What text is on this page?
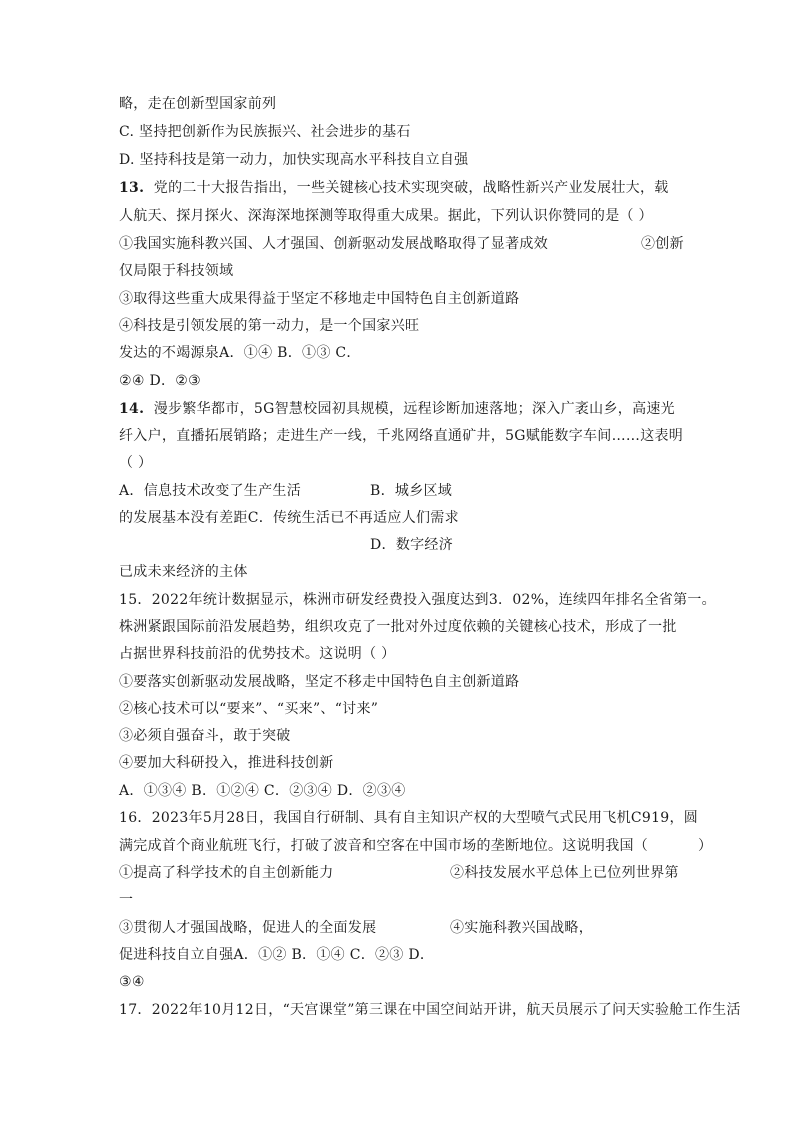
略，走在创新型国家前列
C. 坚持把创新作为民族振兴、社会进步的基石
D. 坚持科技是第一动力，加快实现高水平科技自立自强
13. 党的二十大报告指出，一些关键核心技术实现突破，战略性新兴产业发展壮大，载
人航天、探月探火、深海深地探测等取得重大成果。据此，下列认识你赞同的是（ ）
①我国实施科教兴国、人才强国、创新驱动发展战略取得了显著成效	②创新
仅局限于科技领域
③取得这些重大成果得益于坚定不移地走中国特色自主创新道路
④科技是引领发展的第一动力，是一个国家兴旺
发达的不竭源泉A．①④ B．①③ C．
②④ D．②③
14. 漫步繁华都市，5G智慧校园初具规模，远程诊断加速落地；深入广袤山乡，高速光
纤入户，直播拓展销路；走进生产一线，千兆网络直通矿井，5G赋能数字车间……这表明
（ ）
A．信息技术改变了生产生活	B．城乡区域
的发展基本没有差距C．传统生活已不再适应人们需求
D．数字经济
已成未来经济的主体
15．2022年统计数据显示，株洲市研发经费投入强度达到3．02%，连续四年排名全省第一。
株洲紧跟国际前沿发展趋势，组织攻克了一批对外过度依赖的关键核心技术，形成了一批
占据世界科技前沿的优势技术。这说明（ ）
①要落实创新驱动发展战略，坚定不移走中国特色自主创新道路
②核心技术可以“要来”、“买来”、“讨来”
③必须自强奋斗，敢于突破
④要加大科研投入，推进科技创新
A．①③④ B．①②④ C．②③④ D．②③④
16．2023年5月28日，我国自行研制、具有自主知识产权的大型喷气式民用飞机C919，圆
满完成首个商业航班飞行，打破了波音和空客在中国市场的垄断地位。这说明我国（	）
①提高了科学技术的自主创新能力	②科技发展水平总体上已位列世界第
一
③贯彻人才强国战略，促进人的全面发展	④实施科教兴国战略，
促进科技自立自强A．①② B．①④ C．②③ D．
③④
17．2022年10月12日，“天宫课堂”第三课在中国空间站开讲，航天员展示了问天实验舱工作生活
